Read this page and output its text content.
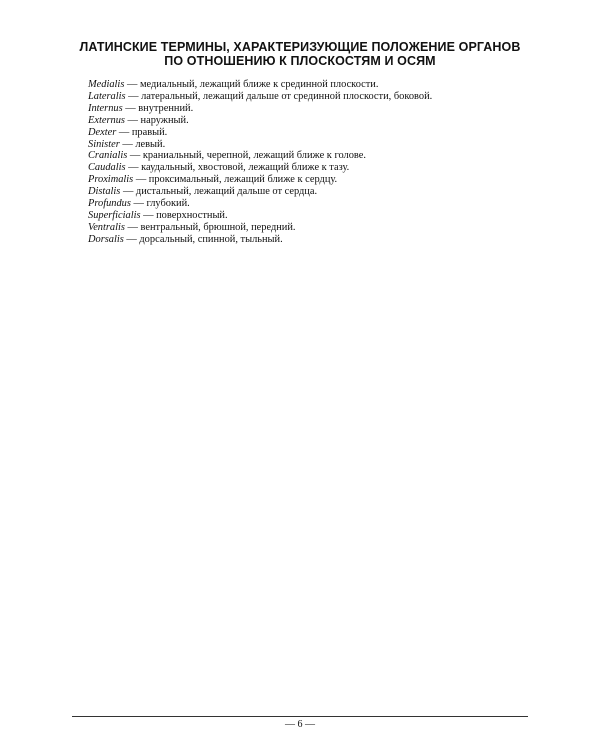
ЛАТИНСКИЕ ТЕРМИНЫ, ХАРАКТЕРИЗУЮЩИЕ ПОЛОЖЕНИЕ ОРГАНОВ
ПО ОТНОШЕНИЮ К ПЛОСКОСТЯМ И ОСЯМ
Medialis — медиальный, лежащий ближе к срединной плоскости.
Lateralis — латеральный, лежащий дальше от срединной плоскости, боковой.
Internus — внутренний.
Externus — наружный.
Dexter — правый.
Sinister — левый.
Cranialis — краниальный, черепной, лежащий ближе к голове.
Caudalis — каудальный, хвостовой, лежащий ближе к тазу.
Proximalis — проксимальный, лежащий ближе к сердцу.
Distalis — дистальный, лежащий дальше от сердца.
Profundus — глубокий.
Superficialis — поверхностный.
Ventralis — вентральный, брюшной, передний.
Dorsalis — дорсальный, спинной, тыльный.
— 6 —
